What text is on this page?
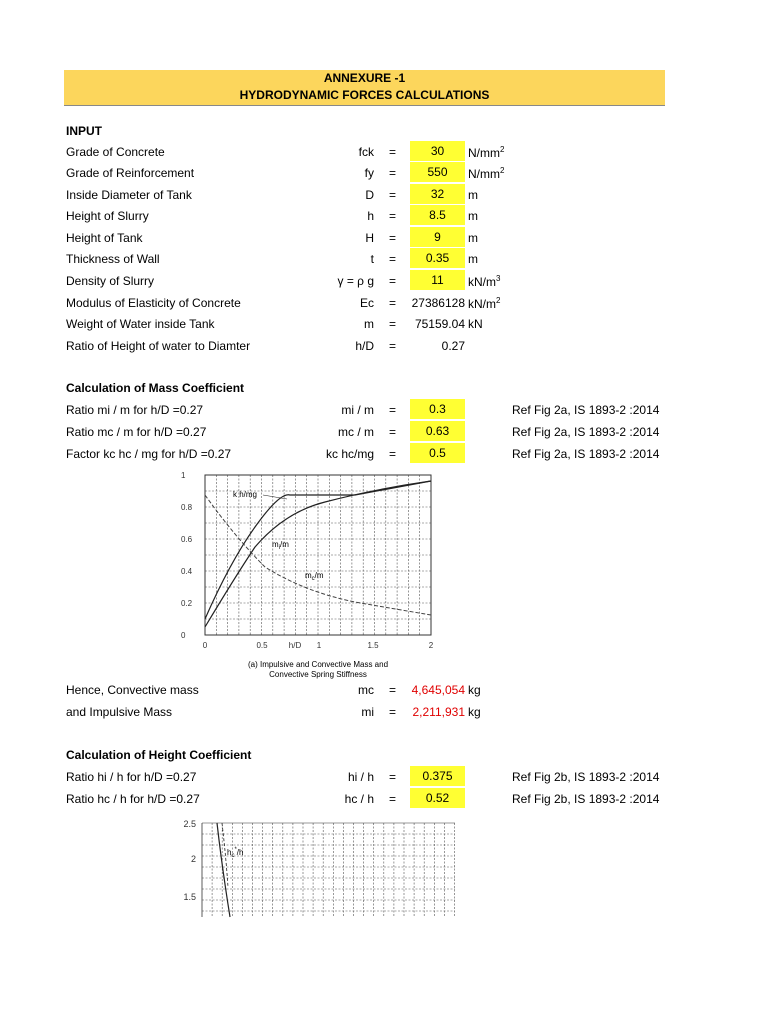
ANNEXURE -1
HYDRODYNAMIC FORCES CALCULATIONS
INPUT
Grade of Concrete	fck =	30	$N/mm^2$
Grade of Reinforcement	fy =	550	$N/mm^2$
Inside Diameter of Tank	D =	32	m
Height of Slurry	h =	8.5	m
Height of Tank	H =	9	m
Thickness of Wall	t =	0.35	m
Density of Slurry	γ = ρ g =	11	$kN/m^3$
Modulus of Elasticity of Concrete	Ec =	27386128 $kN/m^2$
Weight of Water inside Tank	m =	75159.04 kN
Ratio of Height of water to Diamter	h/D =	0.27
Calculation of Mass Coefficient
Ratio mi / m for h/D =0.27	mi / m =	0.3	Ref Fig 2a, IS 1893-2 :2014
Ratio mc / m for h/D =0.27	mc / m =	0.63	Ref Fig 2a, IS 1893-2 :2014
Factor kc hc / mg for h/D =0.27	kc hc/mg =	0.5	Ref Fig 2a, IS 1893-2 :2014
1
0.8
0.6
0.4
0.2
0
0	0.5	h/D 1	1.5	2
k h/mg
$m_i/m$
$m_c/m$
(a) Impulsive and Convective Mass and
Convective Spring Stiffness
Hence, Convective mass	mc =	4,645,054 kg
and Impulsive Mass	mi =	2,211,931 kg
Calculation of Height Coefficient
Ratio hi / h for h/D =0.27	hi / h =	0.375	Ref Fig 2b, IS 1893-2 :2014
Ratio hc / h for h/D =0.27	hc / h =	0.52	Ref Fig 2b, IS 1893-2 :2014
2.5
2
1.5
$h_c^*/h$
